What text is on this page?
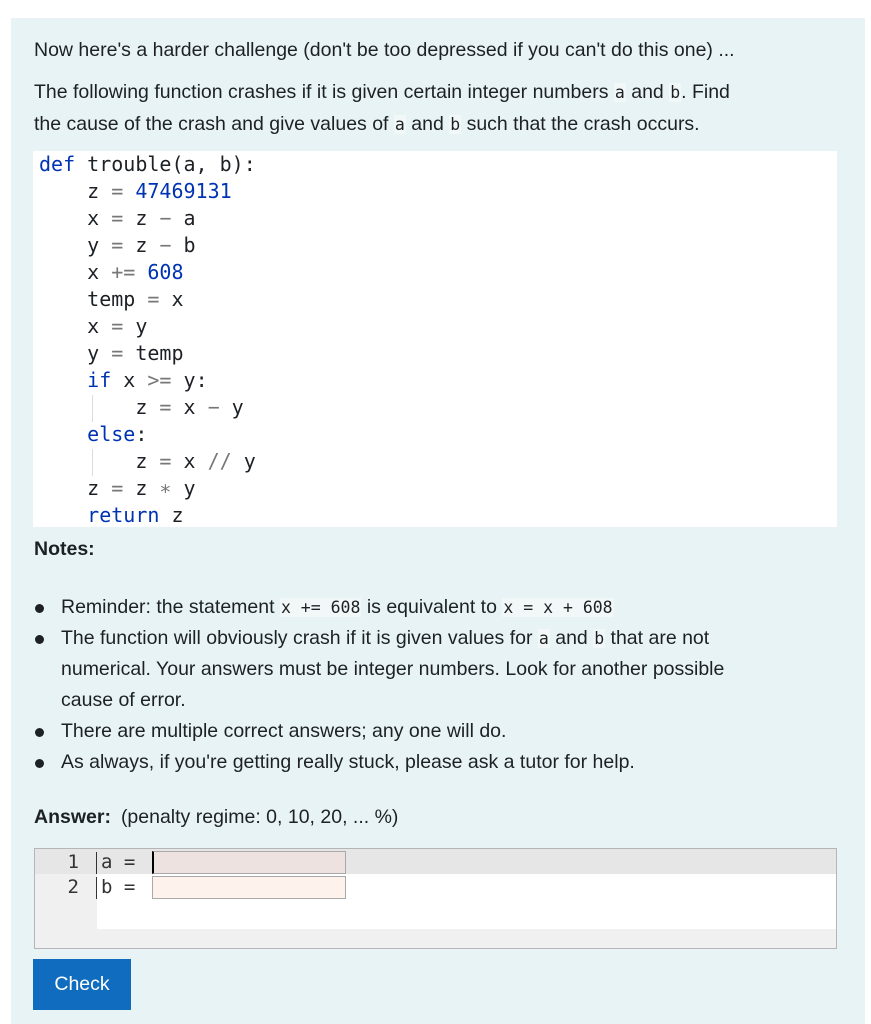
Now here's a harder challenge (don't be too depressed if you can't do this one) ...

The following function crashes if it is given certain integer numbers a and b. Find

the cause of the crash and give values of a and b such that the crash occurs.

def trouble(a, b):
z = 47469131
x = z − a
y = z − b
x += 608
temp = x
x = y
y = temp
if x >= y:
z = x − y
else:
z = x // y
z = z ∗ y
return z
Notes:
Reminder: the statement x += 608 is equivalent to x = x + 608
The function will obviously crash if it is given values for a and b that are not
numerical. Your answers must be integer numbers. Look for another possible
cause of error.
There are multiple correct answers; any one will do.
As always, if you're getting really stuck, please ask a tutor for help.
Answer: (penalty regime: 0, 10, 20, ... %)
1 a =
2 b =
Check
